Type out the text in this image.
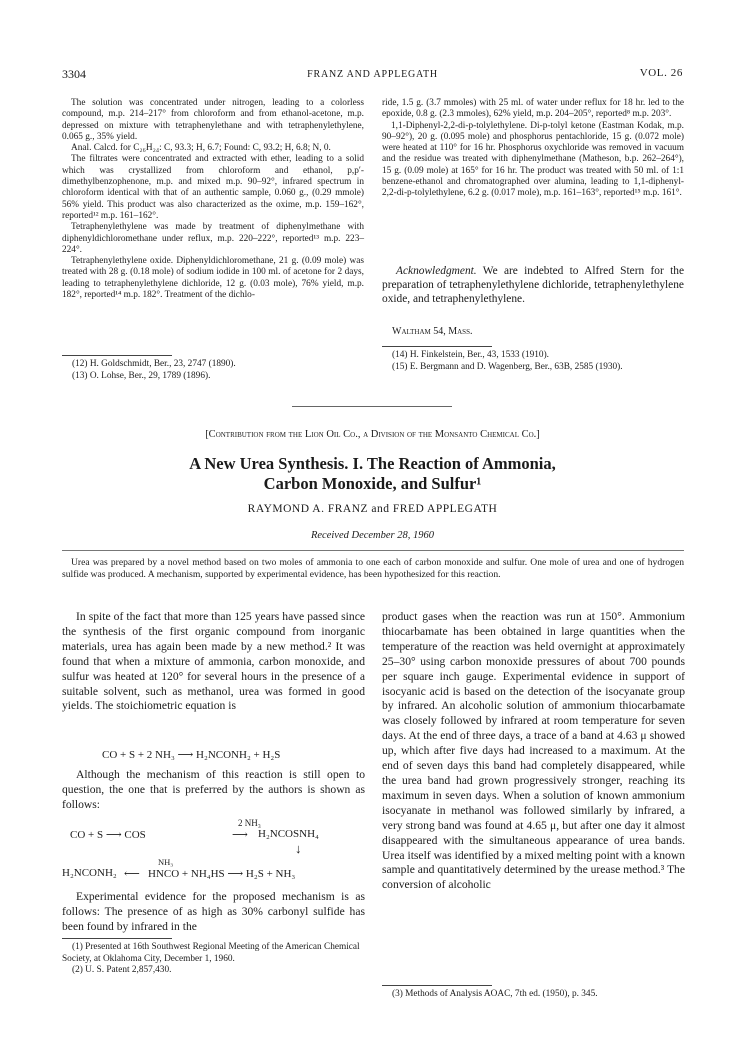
3304	FRANZ AND APPLEGATH	VOL. 26

The solution was concentrated under nitrogen, leading to a colorless compound, m.p. 214–217° from chloroform and from ethanol-acetone, m.p. depressed on mixture with tetraphenylethane and with tetraphenylethylene, 0.065 g., 35% yield.

Anal. Calcd. for C₂₆H₂₄: C, 93.3; H, 6.7; Found: C, 93.2; H, 6.8; N, 0.

The filtrates were concentrated and extracted with ether, leading to a solid which was crystallized from chloroform and ethanol, p,p′-dimethylbenzophenone, m.p. and mixed m.p. 90–92°, infrared spectrum in chloroform identical with that of an authentic sample, 0.060 g., (0.29 mmole) 56% yield. This product was also characterized as the oxime, m.p. 159–162°, reported¹² m.p. 161–162°.

Tetraphenylethylene was made by treatment of diphenylmethane with diphenyldichloromethane under reflux, m.p. 220–222°, reported¹³ m.p. 223–224°.

Tetraphenylethylene oxide. Diphenyldichloromethane, 21 g. (0.09 mole) was treated with 28 g. (0.18 mole) of sodium iodide in 100 ml. of acetone for 2 days, leading to tetraphenylethylene dichloride, 12 g. (0.03 mole), 76% yield, m.p. 182°, reported¹⁴ m.p. 182°. Treatment of the dichlo-

(12) H. Goldschmidt, Ber., 23, 2747 (1890).
(13) O. Lohse, Ber., 29, 1789 (1896).

ride, 1.5 g. (3.7 mmoles) with 25 ml. of water under reflux for 18 hr. led to the epoxide, 0.8 g. (2.3 mmoles), 62% yield, m.p. 204–205°, reported⁸ m.p. 203°.

1,1-Diphenyl-2,2-di-p-tolylethylene. Di-p-tolyl ketone (Eastman Kodak, m.p. 90–92°), 20 g. (0.095 mole) and phosphorus pentachloride, 15 g. (0.072 mole) were heated at 110° for 16 hr. Phosphorus oxychloride was removed in vacuum and the residue was treated with diphenylmethane (Matheson, b.p. 262–264°), 15 g. (0.09 mole) at 165° for 16 hr. The product was treated with 50 ml. of 1:1 benzene-ethanol and chromatographed over alumina, leading to 1,1-diphenyl-2,2-di-p-tolylethylene, 6.2 g. (0.017 mole), m.p. 161–163°, reported¹⁵ m.p. 161°.

Acknowledgment. We are indebted to Alfred Stern for the preparation of tetraphenylethylene dichloride, tetraphenylethylene oxide, and tetraphenylethylene.

Waltham 54, Mass.
(14) H. Finkelstein, Ber., 43, 1533 (1910).
(15) E. Bergmann and D. Wagenberg, Ber., 63B, 2585 (1930).
[Contribution from the Lion Oil Co., a Division of the Monsanto Chemical Co.]
A New Urea Synthesis. I. The Reaction of Ammonia,
Carbon Monoxide, and Sulfur¹
RAYMOND A. FRANZ and FRED APPLEGATH
Received December 28, 1960

Urea was prepared by a novel method based on two moles of ammonia to one each of carbon monoxide and sulfur. One mole of urea and one of hydrogen sulfide was produced. A mechanism, supported by experimental evidence, has been hypothesized for this reaction.

In spite of the fact that more than 125 years have passed since the synthesis of the first organic compound from inorganic materials, urea has again been made by a new method.² It was found that when a mixture of ammonia, carbon monoxide, and sulfur was heated at 120° for several hours in the presence of a suitable solvent, such as methanol, urea was formed in good yields. The stoichiometric equation is

CO + S + 2 NH₃ ⟶ H₂NCONH₂ + H₂S

Although the mechanism of this reaction is still open to question, the one that is preferred by the authors is shown as follows:

2 NH₃
CO + S ⟶ COS	⟶ H₂NCOSNH₄
↓
NH₃
H₂NCONH₂ ⟵ HNCO + NH₄HS ⟶ H₂S + NH₃

Experimental evidence for the proposed mechanism is as follows: The presence of as high as 30% carbonyl sulfide has been found by infrared in the

(1) Presented at 16th Southwest Regional Meeting of the American Chemical Society, at Oklahoma City, December 1, 1960.
(2) U. S. Patent 2,857,430.

product gases when the reaction was run at 150°. Ammonium thiocarbamate has been obtained in large quantities when the temperature of the reaction was held overnight at approximately 25–30° using carbon monoxide pressures of about 700 pounds per square inch gauge. Experimental evidence in support of isocyanic acid is based on the detection of the isocyanate group by infrared. An alcoholic solution of ammonium thiocarbamate was closely followed by infrared at room temperature for seven days. At the end of three days, a trace of a band at 4.63 μ showed up, which after five days had increased to a maximum. At the end of seven days this band had completely disappeared, while the urea band had grown progressively stronger, reaching its maximum in seven days. When a solution of known ammonium isocyanate in methanol was followed similarly by infrared, a very strong band was found at 4.65 μ, but after one day it almost disappeared with the simultaneous appearance of urea bands. Urea itself was identified by a mixed melting point with a known sample and quantitatively determined by the urease method.³ The conversion of alcoholic

(3) Methods of Analysis AOAC, 7th ed. (1950), p. 345.
